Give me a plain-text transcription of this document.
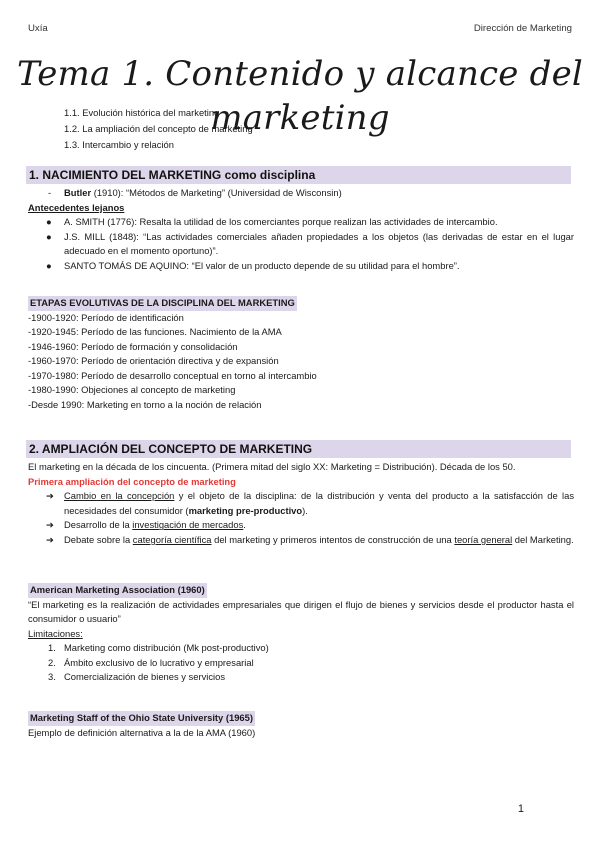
Uxía	Dirección de Marketing
Tema 1. Contenido y alcance del marketing
1.1. Evolución histórica del marketing
1.2. La ampliación del concepto de marketing
1.3. Intercambio y relación
1. NACIMIENTO DEL MARKETING como disciplina
- Butler (1910): “Métodos de Marketing” (Universidad de Wisconsin)
Antecedentes lejanos
● A. SMITH (1776): Resalta la utilidad de los comerciantes porque realizan las actividades de intercambio.
● J.S. MILL (1848): “Las actividades comerciales añaden propiedades a los objetos (las derivadas de estar en el lugar adecuado en el momento oportuno)”.
● SANTO TOMÁS DE AQUINO: “El valor de un producto depende de su utilidad para el hombre”.
ETAPAS EVOLUTIVAS DE LA DISCIPLINA DEL MARKETING
-1900-1920: Período de identificación
-1920-1945: Período de las funciones. Nacimiento de la AMA
-1946-1960: Período de formación y consolidación
-1960-1970: Período de orientación directiva y de expansión
-1970-1980: Período de desarrollo conceptual en torno al intercambio
-1980-1990: Objeciones al concepto de marketing
-Desde 1990: Marketing en torno a la noción de relación
2. AMPLIACIÓN DEL CONCEPTO DE MARKETING
El marketing en la década de los cincuenta. (Primera mitad del siglo XX: Marketing = Distribución). Década de los 50.
Primera ampliación del concepto de marketing
➔ Cambio en la concepción y el objeto de la disciplina: de la distribución y venta del producto a la satisfacción de las necesidades del consumidor (marketing pre-productivo).
➔ Desarrollo de la investigación de mercados.
➔ Debate sobre la categoría científica del marketing y primeros intentos de construcción de una teoría general del Marketing.
American Marketing Association (1960)
“El marketing es la realización de actividades empresariales que dirigen el flujo de bienes y servicios desde el productor hasta el consumidor o usuario”
Limitaciones:
1. Marketing como distribución (Mk post-productivo)
2. Ámbito exclusivo de lo lucrativo y empresarial
3. Comercialización de bienes y servicios
Marketing Staff of the Ohio State University (1965)
Ejemplo de definición alternativa a la de la AMA (1960)
1
